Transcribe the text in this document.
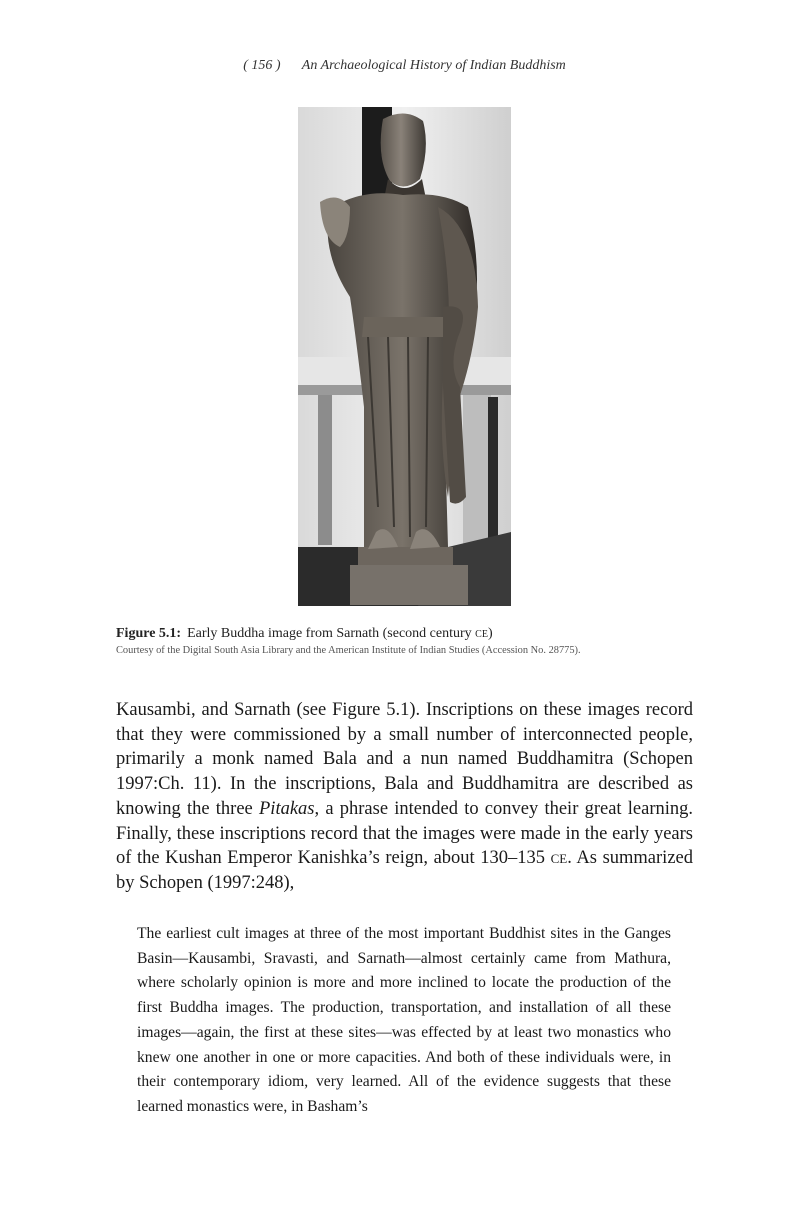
( 156 ) An Archaeological History of Indian Buddhism
Figure 5.1: Early Buddha image from Sarnath (second century ce)
Courtesy of the Digital South Asia Library and the American Institute of Indian Studies (Accession No. 28775).
Kausambi, and Sarnath (see Figure 5.1). Inscriptions on these images record that they were commissioned by a small number of interconnected people, primarily a monk named Bala and a nun named Buddhamitra (Schopen 1997:Ch. 11). In the inscriptions, Bala and Buddhamitra are described as knowing the three Pitakas, a phrase intended to convey their great learning. Finally, these inscriptions record that the images were made in the early years of the Kushan Emperor Kanishka’s reign, about 130–135 ce. As summarized by Schopen (1997:248),
The earliest cult images at three of the most important Buddhist sites in the Ganges Basin—Kausambi, Sravasti, and Sarnath—almost certainly came from Mathura, where scholarly opinion is more and more inclined to locate the production of the first Buddha images. The production, transportation, and installation of all these images—again, the first at these sites—was effected by at least two monastics who knew one another in one or more capacities. And both of these individuals were, in their contemporary idiom, very learned. All of the evidence suggests that these learned monastics were, in Basham’s
